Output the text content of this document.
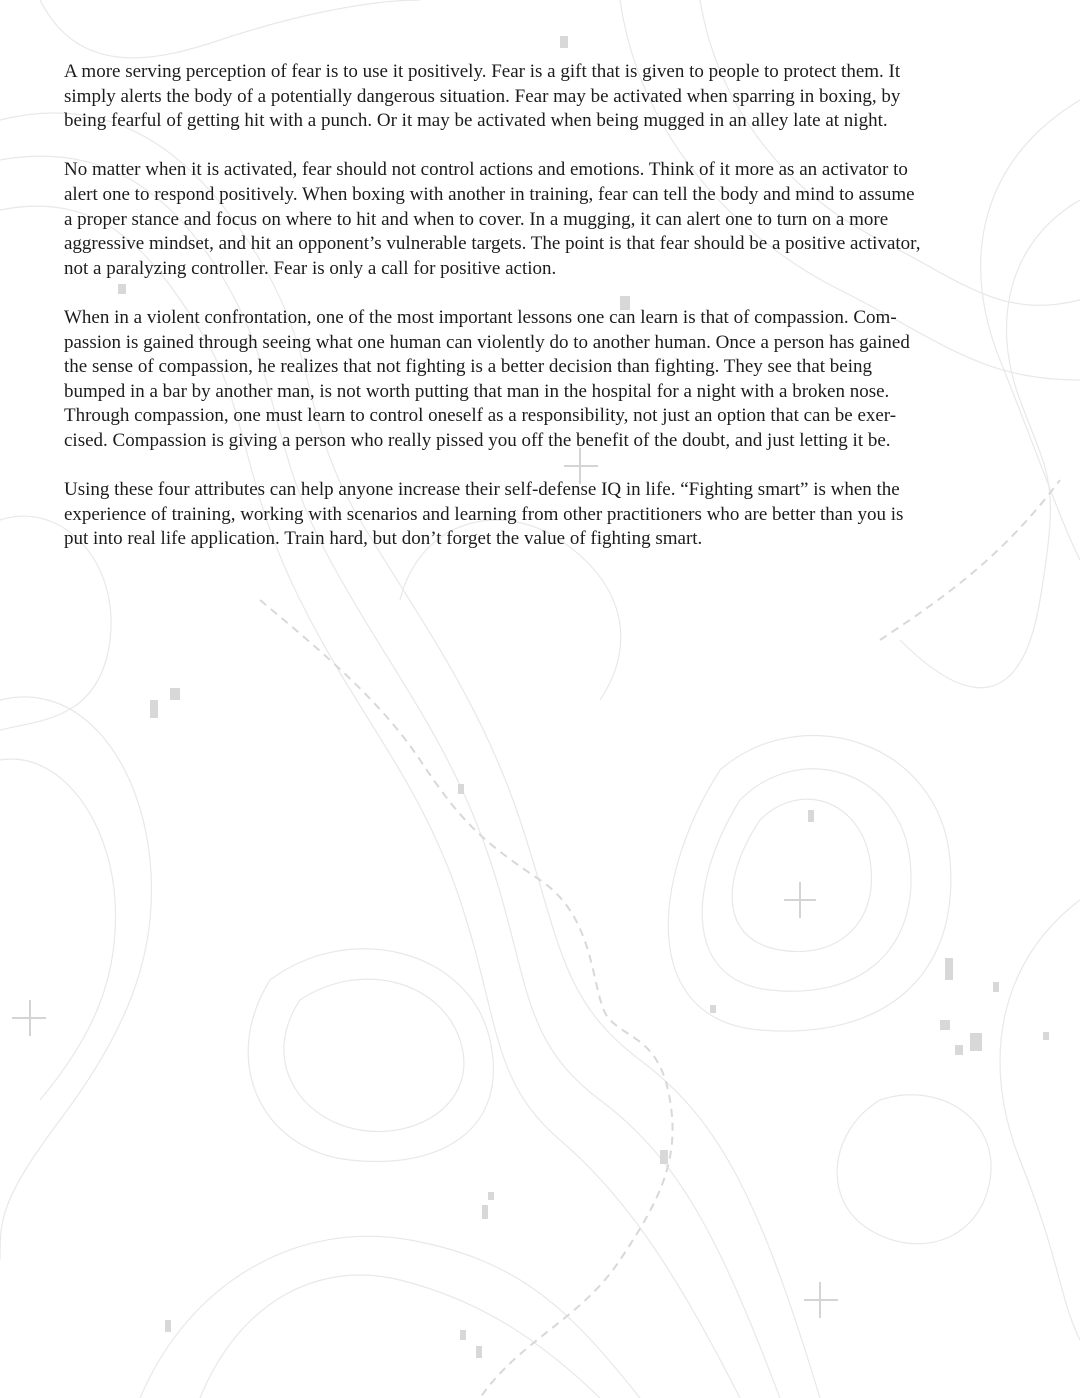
A more serving perception of fear is to use it positively. Fear is a gift that is given to people to protect them. It
simply alerts the body of a potentially dangerous situation. Fear may be activated when sparring in boxing, by
being fearful of getting hit with a punch. Or it may be activated when being mugged in an alley late at night.

No matter when it is activated, fear should not control actions and emotions. Think of it more as an activator to
alert one to respond positively. When boxing with another in training, fear can tell the body and mind to assume
a proper stance and focus on where to hit and when to cover. In a mugging, it can alert one to turn on a more
aggressive mindset, and hit an opponent’s vulnerable targets. The point is that fear should be a positive activator,
not a paralyzing controller. Fear is only a call for positive action.

When in a violent confrontation, one of the most important lessons one can learn is that of compassion. Com-
passion is gained through seeing what one human can violently do to another human. Once a person has gained
the sense of compassion, he realizes that not fighting is a better decision than fighting. They see that being
bumped in a bar by another man, is not worth putting that man in the hospital for a night with a broken nose.
Through compassion, one must learn to control oneself as a responsibility, not just an option that can be exer-
cised. Compassion is giving a person who really pissed you off the benefit of the doubt, and just letting it be.

Using these four attributes can help anyone increase their self-defense IQ in life. “Fighting smart” is when the
experience of training, working with scenarios and learning from other practitioners who are better than you is
put into real life application. Train hard, but don’t forget the value of fighting smart.
